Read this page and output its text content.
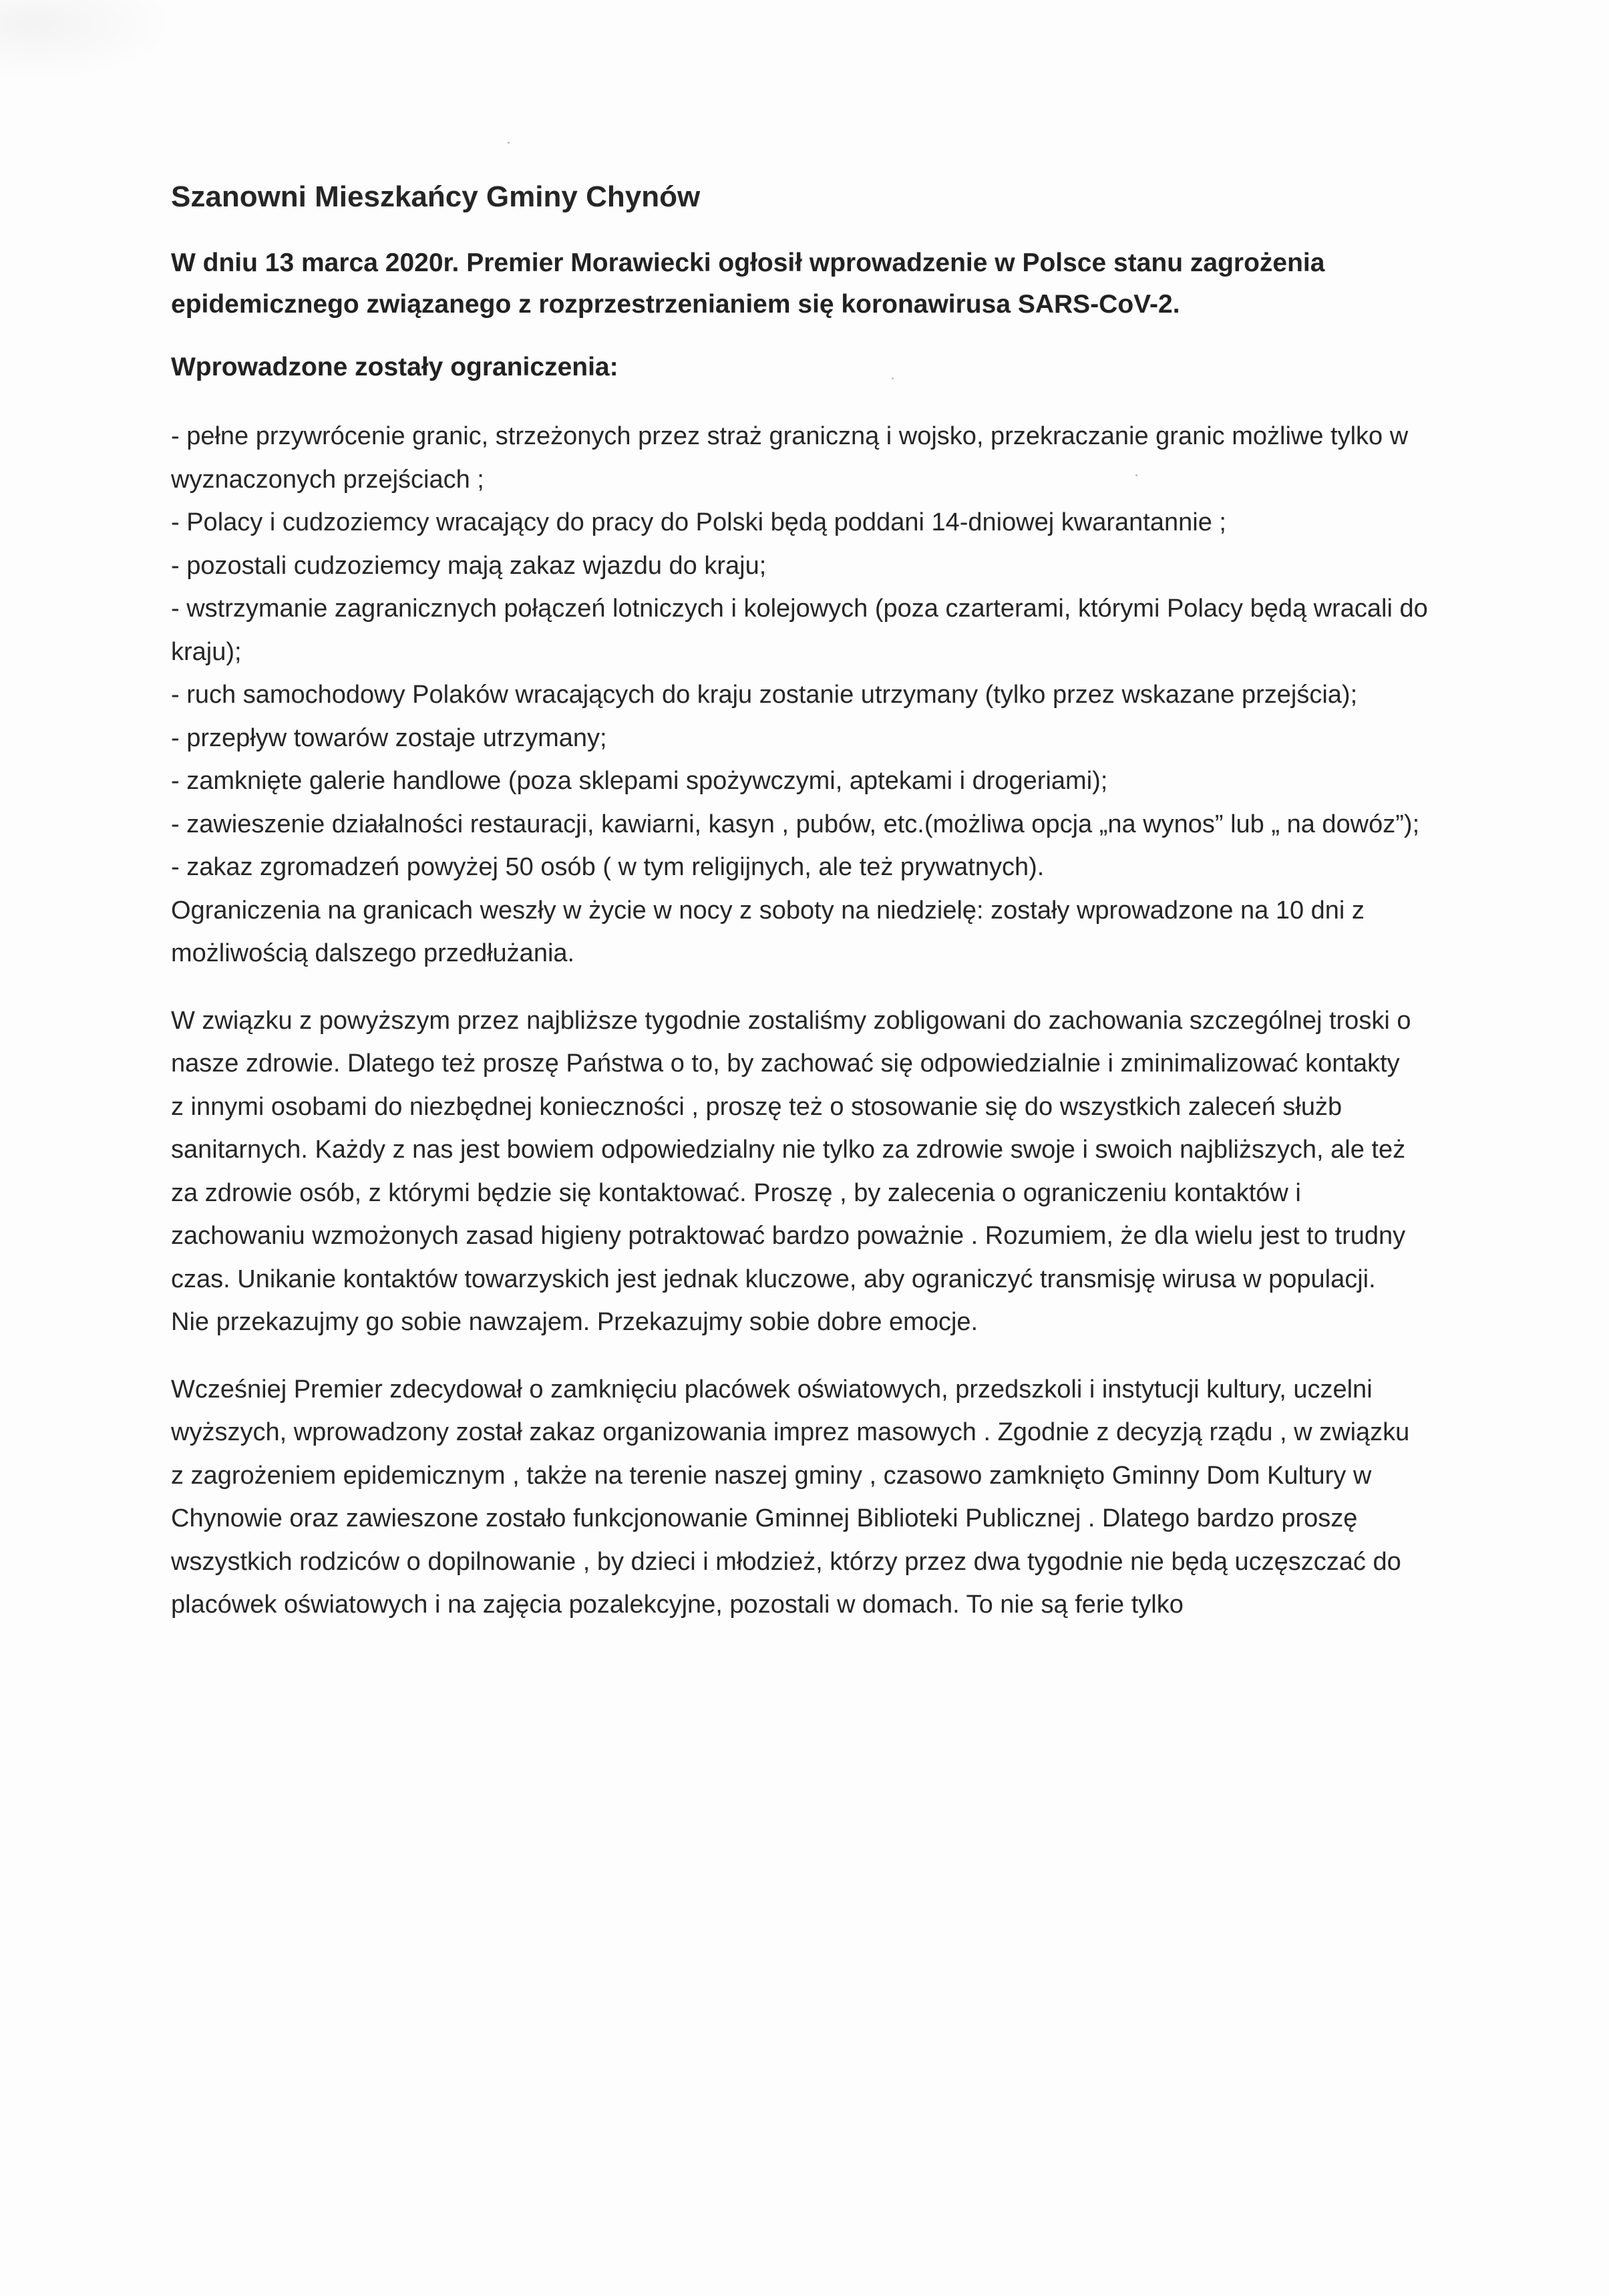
Szanowni Mieszkańcy Gminy Chynów

W dniu 13 marca 2020r. Premier Morawiecki ogłosił wprowadzenie w Polsce stanu zagrożenia epidemicznego związanego z rozprzestrzenianiem się koronawirusa SARS-CoV-2.

Wprowadzone zostały ograniczenia:

- pełne przywrócenie granic, strzeżonych przez straż graniczną i wojsko, przekraczanie granic możliwe tylko w wyznaczonych przejściach ;
- Polacy i cudzoziemcy wracający do pracy do Polski będą poddani 14-dniowej kwarantannie ;
- pozostali cudzoziemcy mają zakaz wjazdu do kraju;
- wstrzymanie zagranicznych połączeń lotniczych i kolejowych (poza czarterami, którymi Polacy będą wracali do kraju);
- ruch samochodowy Polaków wracających do kraju zostanie utrzymany (tylko przez wskazane przejścia);
- przepływ towarów zostaje utrzymany;
- zamknięte galerie handlowe (poza sklepami spożywczymi, aptekami i drogeriami);
- zawieszenie działalności restauracji, kawiarni, kasyn , pubów, etc.(możliwa opcja „na wynos” lub „ na dowóz”);
- zakaz zgromadzeń powyżej 50 osób ( w tym religijnych, ale też prywatnych).

Ograniczenia na granicach weszły w życie w nocy z soboty na niedzielę: zostały wprowadzone na 10 dni z możliwością dalszego przedłużania.

W związku z powyższym przez najbliższe tygodnie zostaliśmy zobligowani do zachowania szczególnej troski o nasze zdrowie. Dlatego też proszę Państwa o to, by zachować się odpowiedzialnie i zminimalizować kontakty z innymi osobami do niezbędnej konieczności , proszę też o stosowanie się do wszystkich zaleceń służb sanitarnych. Każdy z nas jest bowiem odpowiedzialny nie tylko za zdrowie swoje i swoich najbliższych, ale też za zdrowie osób, z którymi będzie się kontaktować. Proszę , by zalecenia o ograniczeniu kontaktów i zachowaniu wzmożonych zasad higieny potraktować bardzo poważnie . Rozumiem, że dla wielu jest to trudny czas. Unikanie kontaktów towarzyskich jest jednak kluczowe, aby ograniczyć transmisję wirusa w populacji. Nie przekazujmy go sobie nawzajem. Przekazujmy sobie dobre emocje.

Wcześniej Premier zdecydował o zamknięciu placówek oświatowych, przedszkoli i instytucji kultury, uczelni wyższych, wprowadzony został zakaz organizowania imprez masowych . Zgodnie z decyzją rządu , w związku z zagrożeniem epidemicznym , także na terenie naszej gminy , czasowo zamknięto Gminny Dom Kultury w Chynowie oraz zawieszone zostało funkcjonowanie Gminnej Biblioteki Publicznej . Dlatego bardzo proszę wszystkich rodziców o dopilnowanie , by dzieci i młodzież, którzy przez dwa tygodnie nie będą uczęszczać do placówek oświatowych i na zajęcia pozalekcyjne, pozostali w domach. To nie są ferie tylko
